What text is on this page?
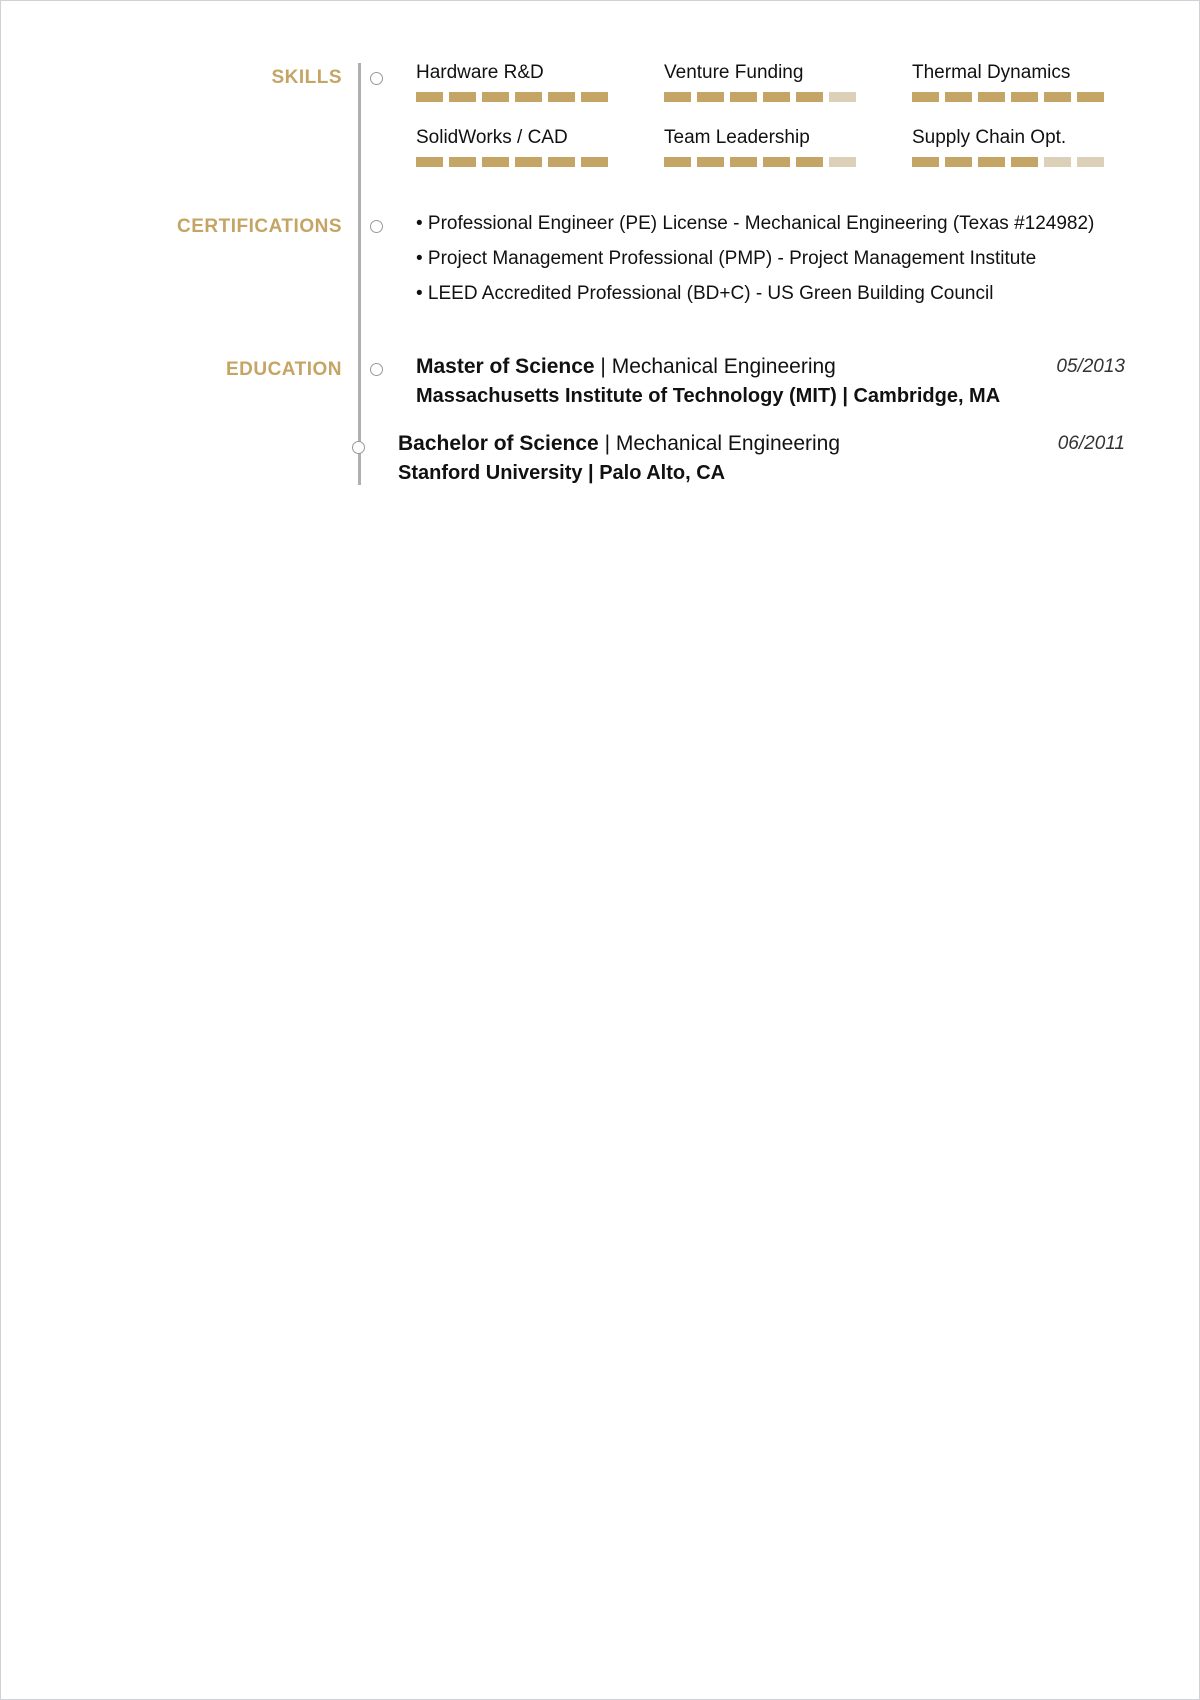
SKILLS
CERTIFICATIONS
EDUCATION
Hardware R&D	Venture Funding	Thermal Dynamics
SolidWorks / CAD	Team Leadership	Supply Chain Opt.
• Professional Engineer (PE) License - Mechanical Engineering (Texas #124982)
• Project Management Professional (PMP) - Project Management Institute
• LEED Accredited Professional (BD+C) - US Green Building Council
Master of Science | Mechanical Engineering	05/2013
Massachusetts Institute of Technology (MIT) | Cambridge, MA
Bachelor of Science | Mechanical Engineering	06/2011
Stanford University | Palo Alto, CA
